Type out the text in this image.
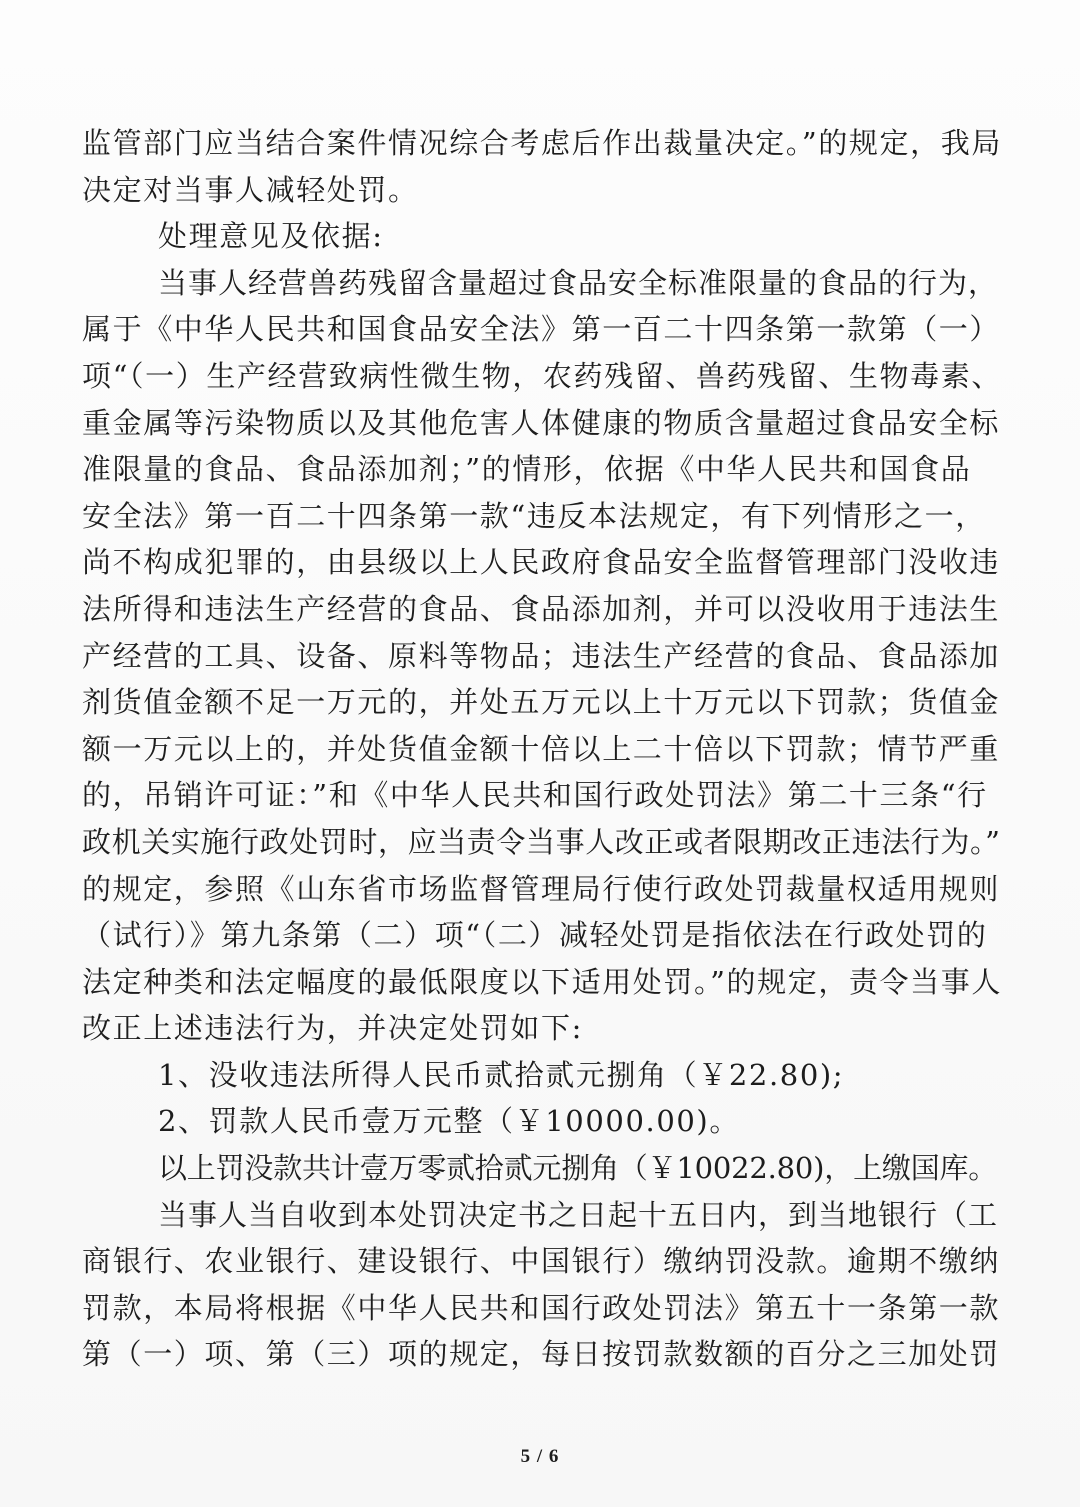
监管部门应当结合案件情况综合考虑后作出裁量决定。”的规定，我局
决定对当事人减轻处罚。
处理意见及依据:
当事人经营兽药残留含量超过食品安全标准限量的食品的行为，
属于《中华人民共和国食品安全法》第一百二十四条第一款第（一）
项“（一）生产经营致病性微生物，农药残留、兽药残留、生物毒素、
重金属等污染物质以及其他危害人体健康的物质含量超过食品安全标
准限量的食品、食品添加剂；”的情形，依据《中华人民共和国食品
安全法》第一百二十四条第一款“违反本法规定，有下列情形之一，
尚不构成犯罪的，由县级以上人民政府食品安全监督管理部门没收违
法所得和违法生产经营的食品、食品添加剂，并可以没收用于违法生
产经营的工具、设备、原料等物品；违法生产经营的食品、食品添加
剂货值金额不足一万元的，并处五万元以上十万元以下罚款；货值金
额一万元以上的，并处货值金额十倍以上二十倍以下罚款；情节严重
的，吊销许可证：”和《中华人民共和国行政处罚法》第二十三条“行
政机关实施行政处罚时，应当责令当事人改正或者限期改正违法行为。”
的规定，参照《山东省市场监督管理局行使行政处罚裁量权适用规则
（试行）》第九条第（二）项“（二）减轻处罚是指依法在行政处罚的
法定种类和法定幅度的最低限度以下适用处罚。”的规定，责令当事人
改正上述违法行为，并决定处罚如下:
1、没收违法所得人民币贰拾贰元捌角（￥22.80);
2、罚款人民币壹万元整（￥10000.00)。
以上罚没款共计壹万零贰拾贰元捌角（￥10022.80)，上缴国库。
当事人当自收到本处罚决定书之日起十五日内，到当地银行（工
商银行、农业银行、建设银行、中国银行）缴纳罚没款。逾期不缴纳
罚款，本局将根据《中华人民共和国行政处罚法》第五十一条第一款
第（一）项、第（三）项的规定，每日按罚款数额的百分之三加处罚
5 / 6
